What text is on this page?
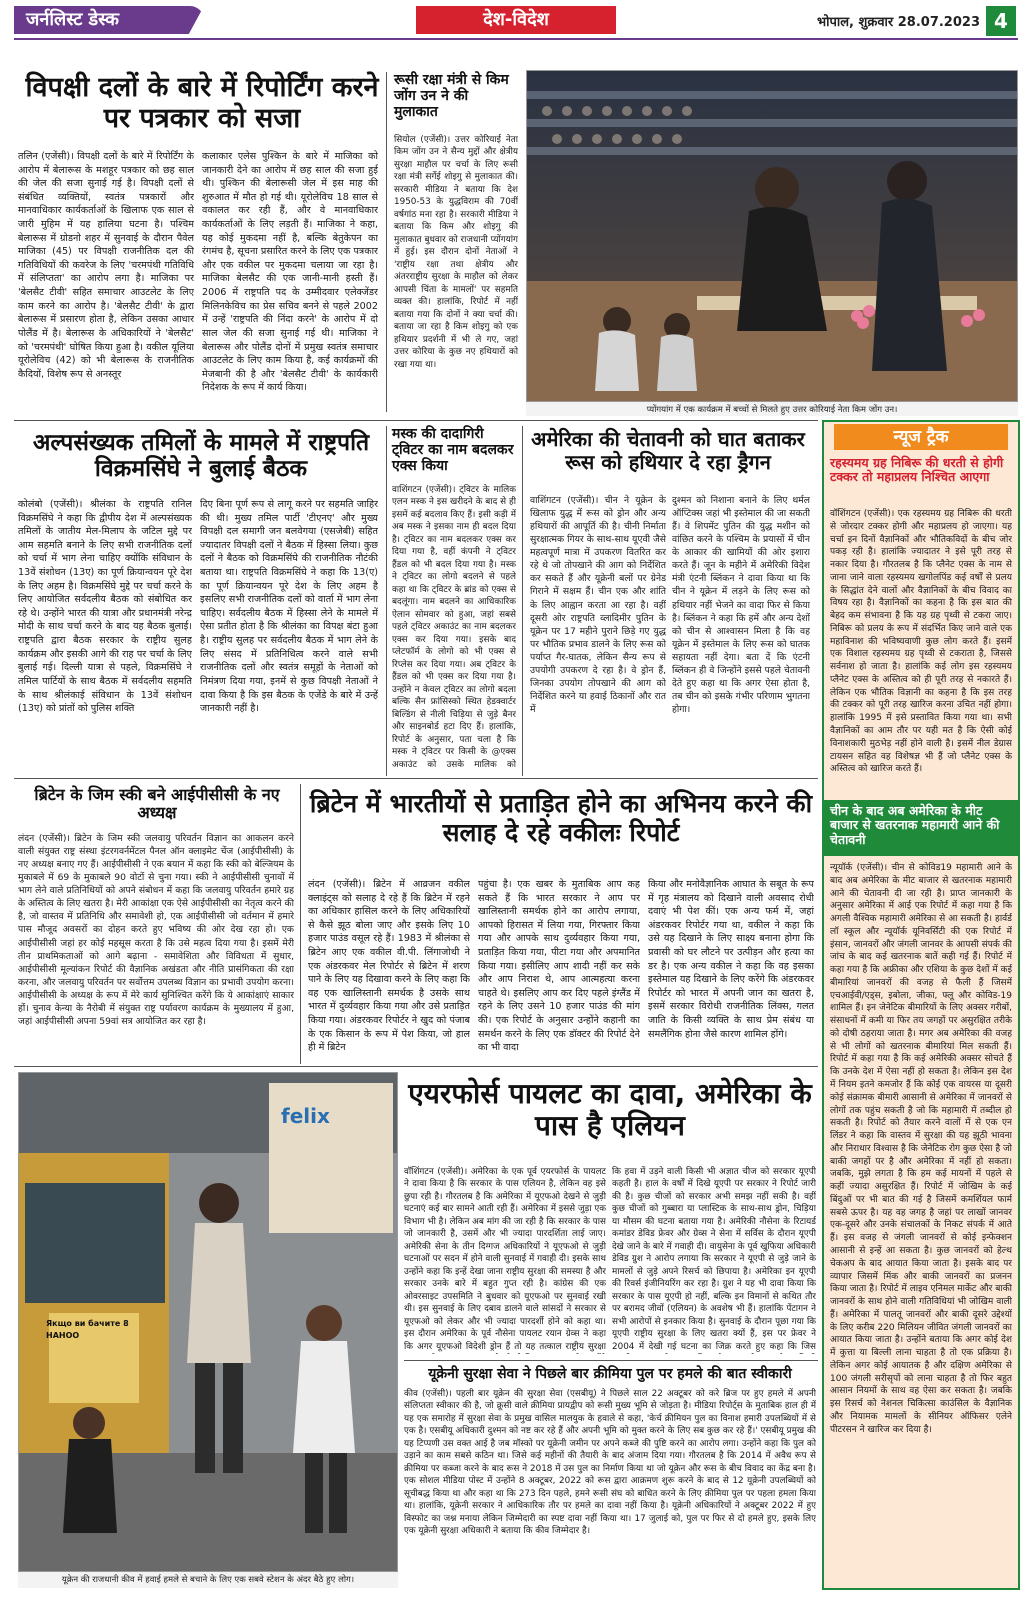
जर्नलिस्ट डेस्क	देश-विदेश	भोपाल, शुक्रवार 28.07.2023 4
विपक्षी दलों के बारे में रिपोर्टिंग करने पर पत्रकार को सजा
तलिन (एजेंसी)। विपक्षी दलों के बारे में रिपोर्टिंग के आरोप में बेलारूस के मशहूर पत्रकार को छह साल की जेल की सजा सुनाई गई है। विपक्षी दलों से संबंधित व्यक्तियों, स्वतंत्र पत्रकारों और मानवाधिकार कार्यकर्ताओं के खिलाफ एक साल से जारी मुहिम में यह हालिया घटना है। पश्चिम बेलारूस में ग्रोडनो शहर में सुनवाई के दौरान पैवेल माजिका (45) पर विपक्षी राजनीतिक दल की गतिविधियों की कवरेज के लिए 'चरमपंथी गतिविधि में संलिप्तता' का आरोप लगा है। माजिका पर 'बेलसैट टीवी' सहित समाचार आउटलेट के लिए काम करने का आरोप है। 'बेलसैट टीवी' के द्वारा बेलारूस में प्रसारण होता है, लेकिन उसका आधार पोलैंड में है। बेलारूस के अधिकारियों ने 'बेलसैट' को 'चरमपंथी' घोषित किया हुआ है। वकील यूलिया यूरोलेविच (42) को भी बेलारूस के राजनीतिक कैदियों, विशेष रूप से अनस्तूर
कलाकार एलेस पुश्किन के बारे में माजिका को जानकारी देने का आरोप में छह साल की सजा हुई थी। पुश्किन की बेलारूसी जेल में इस माह की शुरुआत में मौत हो गई थी। यूरोलेविच 18 साल से वकालत कर रही हैं, और वे मानवाधिकार कार्यकर्ताओं के लिए लड़ती हैं। माजिका ने कहा, यह कोई मुकदमा नहीं है, बल्कि बेतुकेपन का रंगमंच है, सूचना प्रसारित करने के लिए एक पत्रकार और एक वकील पर मुकदमा चलाया जा रहा है। माजिका बेलसैट की एक जानी-मानी हस्ती हैं। 2006 में राष्ट्रपति पद के उम्मीदवार एलेक्जेंडर मिलिनकेविच का प्रेस सचिव बनने से पहले 2002 में उन्हें 'राष्ट्रपति की निंदा करने' के आरोप में दो साल जेल की सजा सुनाई गई थी। माजिका ने बेलारूस और पोलैंड दोनों में प्रमुख स्वतंत्र समाचार आउटलेट के लिए काम किया है, कई कार्यक्रमों की मेजबानी की है और 'बेलसैट टीवी' के कार्यकारी निदेशक के रूप में कार्य किया।
रूसी रक्षा मंत्री से किम जोंग उन ने की मुलाकात
सियोल (एजेंसी)। उत्तर कोरियाई नेता किम जोंग उन ने सैन्य मुद्दों और क्षेत्रीय सुरक्षा माहौल पर चर्चा के लिए रूसी रक्षा मंत्री सर्गेई शोइगु से मुलाकात की। सरकारी मीडिया ने बताया कि देश 1950-53 के युद्धविराम की 70वीं वर्षगांठ मना रहा है। सरकारी मीडिया ने बताया कि किम और शोइगु की मुलाकात बुधवार को राजधानी प्योंगयांग में हुई। इस दौरान दोनों नेताओं ने 'राष्ट्रीय रक्षा तथा क्षेत्रीय और अंतरराष्ट्रीय सुरक्षा के माहौल को लेकर आपसी चिंता के मामलों' पर सहमति व्यक्त की। हालांकि, रिपोर्ट में नहीं बताया गया कि दोनों ने क्या चर्चा की। बताया जा रहा है किम शोइगु को एक हथियार प्रदर्शनी में भी ले गए, जहां उत्तर कोरिया के कुछ नए हथियारों को रखा गया था।
प्योंगयांग में एक कार्यक्रम में बच्चों से मिलते हुए उत्तर कोरियाई नेता किम जोंग उन।
अल्पसंख्यक तमिलों के मामले में राष्ट्रपति विक्रमसिंघे ने बुलाई बैठक
कोलंबो (एजेंसी)। श्रीलंका के राष्ट्रपति रानिल विक्रमसिंघे ने कहा कि द्वीपीय देश में अल्पसंख्यक तमिलों के जातीय मेल-मिलाप के जटिल मुद्दे पर आम सहमति बनाने के लिए सभी राजनीतिक दलों को चर्चा में भाग लेना चाहिए क्योंकि संविधान के 13वें संशोधन (13ए) का पूर्ण क्रियान्वयन पूरे देश के लिए अहम है। विक्रमसिंघे मुद्दे पर चर्चा करने के लिए आयोजित सर्वदलीय बैठक को संबोधित कर रहे थे। उन्होंने भारत की यात्रा और प्रधानमंत्री नरेन्द्र मोदी के साथ चर्चा करने के बाद यह बैठक बुलाई। राष्ट्रपति द्वारा बैठक सरकार के राष्ट्रीय सुलह कार्यक्रम और इसकी आगे की राह पर चर्चा के लिए बुलाई गई। दिल्ली यात्रा से पहले, विक्रमसिंघे ने तमिल पार्टियों के साथ बैठक में सर्वदलीय सहमति के साथ श्रीलंकाई संविधान के 13वें संशोधन (13ए) को प्रांतों को पुलिस शक्ति
दिए बिना पूर्ण रूप से लागू करने पर सहमति जाहिर की थी। मुख्य तमिल पार्टी 'टीएनए' और मुख्य विपक्षी दल समागी जन बलवेगया (एसजेबी) सहित ज्यादातर विपक्षी दलों ने बैठक में हिस्सा लिया। कुछ दलों ने बैठक को विक्रमसिंघे की राजनीतिक नौटंकी बताया था। राष्ट्रपति विक्रमसिंघे ने कहा कि 13(ए) का पूर्ण क्रियान्वयन पूरे देश के लिए अहम है इसलिए सभी राजनीतिक दलों को वार्ता में भाग लेना चाहिए। सर्वदलीय बैठक में हिस्सा लेने के मामले में ऐसा प्रतीत होता है कि श्रीलंका का विपक्ष बंटा हुआ है। राष्ट्रीय सुलह पर सर्वदलीय बैठक में भाग लेने के लिए संसद में प्रतिनिधित्व करने वाले सभी राजनीतिक दलों और स्वतंत्र समूहों के नेताओं को निमंत्रण दिया गया, इनमें से कुछ विपक्षी नेताओं ने दावा किया है कि इस बैठक के एजेंडे के बारे में उन्हें जानकारी नहीं है।
मस्क की दादागिरी ट्विटर का नाम बदलकर एक्स किया
वाशिंगटन (एजेंसी)। ट्विटर के मालिक एलन मस्क ने इस खरीदने के बाद से ही इसमें कई बदलाव किए हैं। इसी कड़ी में अब मस्क ने इसका नाम ही बदल दिया है। ट्विटर का नाम बदलकर एक्स कर दिया गया है, वहीं कंपनी ने ट्विटर हैंडल को भी बदल दिया गया है। मस्क ने ट्विटर का लोगो बदलने से पहले कहा था कि ट्विटर के ब्रांड को एक्स से बदलूंगा। नाम बदलने का आधिकारिक ऐलान सोमवार को हुआ, जहां सबसे पहले ट्विटर अकाउंट का नाम बदलकर एक्स कर दिया गया। इसके बाद प्लेटफॉर्म के लोगो को भी एक्स से रिप्लेस कर दिया गया। अब ट्विटर के हैंडल को भी एक्स कर दिया गया है। उन्होंने न केवल ट्विटर का लोगो बदला बल्कि सैन फ्रांसिस्को स्थित हेडक्वार्टर बिल्डिंग से नीली चिड़िया से जुड़े बैनर और साइनबोर्ड हटा दिए हैं। हालांकि, रिपोर्ट के अनुसार, पता चला है कि मस्क ने ट्विटर पर किसी के @एक्स अकाउंट को उसके मालिक को
अमेरिका की चेतावनी को घात बताकर रूस को हथियार दे रहा ड्रैगन
वाशिंगटन (एजेंसी)। चीन ने यूक्रेन के खिलाफ युद्ध में रूस को ड्रोन और अन्य हथियारों की आपूर्ति की है। चीनी निर्माता सुरक्षात्मक गियर के साथ-साथ यूएवी जैसे महत्वपूर्ण मात्रा में उपकरण वितरित कर रहे थे जो तोपखाने की आग को निर्देशित कर सकते हैं और यूक्रेनी बलों पर ग्रेनेड गिराने में सक्षम हैं। चीन एक और शांति के लिए आह्वान करता आ रहा है। वहीं दूसरी ओर राष्ट्रपति व्लादिमीर पुतिन के यूक्रेन पर 17 महीने पुराने छिड़े गए युद्ध पर भौतिक प्रभाव डालने के लिए रूस को पर्याप्त गैर-घातक, लेकिन सैन्य रूप से उपयोगी उपकरण दे रहा है। वे ड्रोन हैं, जिनका उपयोग तोपखाने की आग को निर्देशित करने या हवाई ठिकानों और रात में
दुश्मन को निशाना बनाने के लिए थर्मल ऑप्टिक्स जहां भी इस्तेमाल की जा सकती हैं। वे शिपमेंट पुतिन की युद्ध मशीन को वांछित करने के पश्चिम के प्रयासों में चीन के आकार की खामियों की ओर इशारा करते हैं। जून के महीने में अमेरिकी विदेश मंत्री एंटनी ब्लिंकन ने दावा किया था कि चीन ने यूक्रेन में लड़ने के लिए रूस को हथियार नहीं भेजने का वादा फिर से किया है। ब्लिंकन ने कहा कि हमें और अन्य देशों को चीन से आश्वासन मिला है कि वह यूक्रेन में इस्तेमाल के लिए रूस को घातक सहायता नहीं देगा। बता दें कि एंटनी ब्लिंकन ही वे जिन्होंने इससे पहले चेतावनी देते हुए कहा था कि अगर ऐसा होता है, तब चीन को इसके गंभीर परिणाम भुगतना होगा।
न्यूज ट्रैक
रहस्यमय ग्रह निबिरू की धरती से होगी टक्कर तो महाप्रलय निश्चित आएगा
वॉशिंगटन (एजेंसी)। एक रहस्यमय ग्रह निबिरू की धरती से जोरदार टक्कर होगी और महाप्रलय हो जाएगा। यह चर्चा इन दिनों वैज्ञानिकों और भौतिकविदों के बीच जोर पकड़ रही है। हालांकि ज्यादातर ने इसे पूरी तरह से नकार दिया है। गौरतलब है कि प्लैनेट एक्स के नाम से जाना जाने वाला रहस्यमय खगोलपिंड कई वर्षों से प्रलय के सिद्धांत देने वालों और वैज्ञानिकों के बीच विवाद का विषय रहा है। वैज्ञानिकों का कहना है कि इस बात की बेहद कम संभावना है कि यह ग्रह पृथ्वी से टकरा जाए। निबिरू को प्रलय के रूप में संदर्भित किए जाने वाले एक महाविनाश की भविष्यवाणी कुछ लोग करते हैं। इसमें एक विशाल रहस्यमय ग्रह पृथ्वी से टकराता है, जिससे सर्वनाश हो जाता है। हालांकि कई लोग इस रहस्यमय प्लैनेट एक्स के अस्तित्व को ही पूरी तरह से नकारते हैं। लेकिन एक भौतिक विज्ञानी का कहना है कि इस तरह की टक्कर को पूरी तरह खारिज करना उचित नहीं होगा। हालांकि 1995 में इसे प्रस्तावित किया गया था। सभी वैज्ञानिकों का आम तौर पर यही मत है कि ऐसी कोई विनाशकारी मुठभेड़ नहीं होने वाली है। इसमें नील डेग्रास टायसन सहित वह विशेषज्ञ भी हैं जो प्लैनेट एक्स के अस्तित्व को खारिज करते हैं।
चीन के बाद अब अमेरिका के मीट बाजार से खतरनाक महामारी आने की चेतावनी
न्यूयॉर्क (एजेंसी)। चीन से कोविड19 महामारी आने के बाद अब अमेरिका के मीट बाजार से खतरनाक महामारी आने की चेतावनी दी जा रही है। प्राप्त जानकारी के अनुसार अमेरिका में आई एक रिपोर्ट में कहा गया है कि अगली वैश्विक महामारी अमेरिका से आ सकती है। हार्वर्ड लॉ स्कूल और न्यूयॉर्क यूनिवर्सिटी की एक रिपोर्ट में इंसान, जानवरों और जंगली जानवर के आपसी संपर्क की जांच के बाद कई खतरनाक बातें कही गई हैं। रिपोर्ट में कहा गया है कि अफ्रीका और एशिया के कुछ देशों में कई बीमारियां जानवरों की वजह से फैली हैं जिसमें एचआईवी/एड्स, इबोला, जीका, फ्लू और कोविड-19 शामिल हैं। इन जेनेटिक बीमारियों के लिए अक्सर गरीबों, संसाधनों में कमी या फिर तय जगहों पर असुरक्षित तरीके को दोषी ठहराया जाता है। मगर अब अमेरिका की वजह से भी लोगों को खतरनाक बीमारियां मिल सकती हैं। रिपोर्ट में कहा गया है कि कई अमेरिकी अक्सर सोचते हैं कि उनके देश में ऐसा नहीं हो सकता है। लेकिन इस देश में नियम इतने कमजोर हैं कि कोई एक वायरस या दूसरी कोई संक्रामक बीमारी आसानी से अमेरिका में जानवरों से लोगों तक पहुंच सकती है जो कि महामारी में तब्दील हो सकती है। रिपोर्ट को तैयार करने वालों में से एक एन लिंडर ने कहा कि वास्तव में सुरक्षा की यह झूठी भावना और निराधार विश्वास है कि जेनेटिक रोग कुछ ऐसा है जो बाकी जगहों पर है और अमेरिका में नहीं हो सकता। जबकि, मुझे लगता है कि हम कई मायनों में पहले से कहीं ज्यादा असुरक्षित हैं। रिपोर्ट में जोखिम के कई बिंदुओं पर भी बात की गई है जिसमें कमर्शियल फार्म सबसे ऊपर है। यह वह जगह है जहां पर लाखों जानवर एक-दूसरे और उनके संचालकों के निकट संपर्क में आते हैं। इस वजह से जंगली जानवरों से कोई इन्फेक्शन आसानी से इन्हें आ सकता है। कुछ जानवरों को हेल्थ चेकअप के बाद आयात किया जाता है। इसके बाद पर व्यापार जिसमें मिंक और बाकी जानवरों का प्रजनन किया जाता है। रिपोर्ट में लाइव एनिमल मार्केट और बाकी जानवरों के साथ होने वाली गतिविधियां भी जोखिम वाली हैं। अमेरिका में पालतू जानवरों और बाकी दूसरे उद्देश्यों के लिए करीब 220 मिलियन जीवित जंगली जानवरों का आयात किया जाता है। उन्होंने बताया कि अगर कोई देश में कुत्ता या बिल्ली लाना चाहता है तो एक प्रक्रिया है। लेकिन अगर कोई आयातक है और दक्षिण अमेरिका से 100 जंगली सरीसृपों को लाना चाहता है तो फिर बहुत आसान नियमों के साथ वह ऐसा कर सकता है। जबकि इस रिसर्च को नेशनल चिकित्सा काउंसिल के वैज्ञानिक और नियामक मामलों के सीनियर ऑफिसर एलेने पीटरसन ने खारिज कर दिया है।
ब्रिटेन के जिम स्की बने आईपीसीसी के नए अध्यक्ष
लंदन (एजेंसी)। ब्रिटेन के जिम स्की जलवायु परिवर्तन विज्ञान का आकलन करने वाली संयुक्त राष्ट्र संस्था इंटरगवर्नमेंटल पैनल ऑन क्लाइमेट चेंज (आईपीसीसी) के नए अध्यक्ष बनाए गए हैं। आईपीसीसी ने एक बयान में कहा कि स्की को बेल्जियम के मुकाबले में 69 के मुकाबले 90 वोटों से चुना गया। स्की ने आईपीसीसी चुनावों में भाग लेने वाले प्रतिनिधियों को अपने संबोधन में कहा कि जलवायु परिवर्तन हमारे ग्रह के अस्तित्व के लिए खतरा है। मेरी आकांक्षा एक ऐसे आईपीसीसी का नेतृत्व करने की है, जो वास्तव में प्रतिनिधि और समावेशी हो, एक आईपीसीसी जो वर्तमान में हमारे पास मौजूद अवसरों का दोहन करते हुए भविष्य की ओर देख रहा हो। एक आईपीसीसी जहां हर कोई महसूस करता है कि उसे महत्व दिया गया है। इसमें मेरी तीन प्राथमिकताओं को आगे बढ़ाना - समावेशिता और विविधता में सुधार, आईपीसीसी मूल्यांकन रिपोर्ट की वैज्ञानिक अखंडता और नीति प्रासंगिकता की रक्षा करना, और जलवायु परिवर्तन पर सर्वोत्तम उपलब्ध विज्ञान का प्रभावी उपयोग करना। आईपीसीसी के अध्यक्ष के रूप में मेरे कार्य सुनिश्चित करेंगे कि ये आकांक्षाएं साकार हों। चुनाव केन्या के नैरोबी में संयुक्त राष्ट्र पर्यावरण कार्यक्रम के मुख्यालय में हुआ, जहां आईपीसीसी अपना 59वां सत्र आयोजित कर रहा है।
ब्रिटेन में भारतीयों से प्रताड़ित होने का अभिनय करने की सलाह दे रहे वकीलः रिपोर्ट
लंदन (एजेंसी)। ब्रिटेन में आव्रजन वकील क्लाइंट्स को सलाह दे रहे हैं कि ब्रिटेन में रहने का अधिकार हासिल करने के लिए अधिकारियों से कैसे झूठ बोला जाए और इसके लिए 10 हजार पाउंड वसूल रहे हैं। 1983 में श्रीलंका से ब्रिटेन आए एक वकील वी.पी. लिंगाजोथी ने एक अंडरकवर मेल रिपोर्टर से ब्रिटेन में शरण पाने के लिए यह दिखावा करने के लिए कहा कि वह एक खालिस्तानी समर्थक है उसके साथ भारत में दुर्व्यवहार किया गया और उसे प्रताड़ित किया गया। अंडरकवर रिपोर्टर ने खुद को पंजाब के एक किसान के रूप में पेश किया, जो हाल ही में ब्रिटेन
पहुंचा है। एक खबर के मुताबिक आप कह सकते हैं कि भारत सरकार ने आप पर खालिस्तानी समर्थक होने का आरोप लगाया, आपको हिरासत में लिया गया, गिरफ्तार किया गया और आपके साथ दुर्व्यवहार किया गया, प्रताड़ित किया गया, पीटा गया और अपमानित किया गया। इसीलिए आप शादी नहीं कर सके और आप निराश थे, आप आत्महत्या करना चाहते थे। इसलिए आप कर दिए पहले इंग्लैंड में रहने के लिए उसने 10 हजार पाउंड की मांग की। एक रिपोर्ट के अनुसार उन्होंने कहानी का समर्थन करने के लिए एक डॉक्टर की रिपोर्ट देने का भी वादा
किया और मनोवैज्ञानिक आघात के सबूत के रूप में गृह मंत्रालय को दिखाने वाली अवसाद रोधी दवाएं भी पेश कीं। एक अन्य फर्म में, जहां अंडरकवर रिपोर्टर गया था, वकील ने कहा कि उसे यह दिखाने के लिए साक्ष्य बनाना होगा कि प्रवासी को घर लौटने पर उत्पीड़न और हत्या का डर है। एक अन्य वकील ने कहा कि वह इसका इस्तेमाल यह दिखाने के लिए करेंगे कि अंडरकवर रिपोर्टर को भारत में अपनी जान का खतरा है, इसमें सरकार विरोधी राजनीतिक लिंक्स, गलत जाति के किसी व्यक्ति के साथ प्रेम संबंध या समलैंगिक होना जैसे कारण शामिल होंगे।
felix
Якщо ви бачите 8 НАНОО
यूक्रेन की राजधानी कीव में हवाई हमले से बचाने के लिए एक सबवे स्टेशन के अंदर बैठे हुए लोग।
एयरफोर्स पायलट का दावा, अमेरिका के पास है एलियन
वॉशिंगटन (एजेंसी)। अमेरिका के एक पूर्व एयरफोर्स के पायलट ने दावा किया है कि सरकार के पास एलियन है, लेकिन वह इसे छुपा रही है। गौरतलब है कि अमेरिका में यूएफओ देखने से जुड़ी घटनाएं कई बार सामने आती रही हैं। अमेरिका में इससे जुड़ा एक विभाग भी है। लेकिन अब मांग की जा रही है कि सरकार के पास जो जानकारी है, उसमें और भी ज्यादा पारदर्शिता लाई जाए। अमेरिकी सेना के तीन दिग्गज अधिकारियों ने यूएफओ से जुड़ी घटनाओं पर सदन में होने वाली सुनवाई में गवाही दी। इसके साथ उन्होंने कहा कि इन्हें देखा जाना राष्ट्रीय सुरक्षा की समस्या है और सरकार उनके बारे में बहुत गुप्त रही है। कांग्रेस की एक ओवरसाइट उपसमिति ने बुधवार को यूएफओ पर सुनवाई रखी थी। इस सुनवाई के लिए दबाव डालने वाले सांसदों ने सरकार से यूएफओ को लेकर और भी ज्यादा पारदर्शी होने को कहा था। इस दौरान अमेरिका के पूर्व नौसेना पायलट रयान ग्रेव्स ने कहा कि अगर यूएफओ विदेशी ड्रोन हैं तो यह तत्काल राष्ट्रीय सुरक्षा
कि हवा में उड़ने वाली किसी भी अज्ञात चीज को सरकार यूएपी कहती है। हाल के वर्षों में दिखे यूएपी पर सरकार ने रिपोर्ट जारी की है। कुछ चीजों को सरकार अभी समझ नहीं सकी है। वहीं कुछ चीजों को गुब्बारा या प्लास्टिक के साथ-साथ ड्रोन, चिड़िया या मौसम की घटना बताया गया है। अमेरिकी नौसेना के रिटायर्ड कमांडर डेविड फ्रेवर और ग्रेव्स ने सेना में सर्विस के दौरान यूएपी देखे जाने के बारे में गवाही दी। वायुसेना के पूर्व खुफिया अधिकारी डेविड ग्रुश ने आरोप लगाया कि सरकार ने यूएपी से जुड़े जाने के मामलों से जुड़े अपने रिसर्च को छिपाया है। अमेरिका इन यूएपी की रिवर्स इंजीनियरिंग कर रहा है। ग्रुश ने यह भी दावा किया कि सरकार के पास यूएपी हो नहीं, बल्कि इन विमानों से कथित तौर पर बरामद जीवों (एलियन) के अवशेष भी हैं। हालांकि पेंटागन ने सभी आरोपों से इनकार किया है। सुनवाई के दौरान पूछा गया कि यूएपी राष्ट्रीय सुरक्षा के लिए खतरा क्यों हैं, इस पर फ्रेवर ने 2004 में देखी गई घटना का जिक्र करते हुए कहा कि जिस
यूक्रेनी सुरक्षा सेवा ने पिछले बार क्रीमिया पुल पर हमले की बात स्वीकारी
कीव (एजेंसी)। पहली बार यूक्रेन की सुरक्षा सेवा (एसबीयू) ने पिछले साल 22 अक्टूबर को करे ब्रिज पर हुए हमले में अपनी संलिप्तता स्वीकार की है, जो क्रूसी वाले क्रीमिया प्रायद्वीप को रूसी मुख्य भूमि से जोड़ता है। मीडिया रिपोर्ट्स के मुताबिक हाल ही में यह एक समारोह में सुरक्षा सेवा के प्रमुख वासिल मालयुक के हवाले से कहा, 'केर्च क्रीमियन पुल का विनाश हमारी उपलब्धियों में से एक है। एसबीयू अधिकारी दुश्मन को नष्ट कर रहे हैं और अपनी भूमि को मुक्त करने के लिए सब कुछ कर रहे हैं।' एसबीयू प्रमुख की यह टिप्पणी उस वक्त आई है जब मॉस्को पर यूक्रेनी जमीन पर अपने कब्जे की पुष्टि करने का आरोप लगा। उन्होंने कहा कि पुल को उड़ाने का काम सबसे कठिन था। जिसे कई महीनों की तैयारी के बाद अंजाम दिया गया। गौरतलब है कि 2014 में अवैध रूप से क्रीमिया पर कब्जा करने के बाद रूस ने 2018 में उस पुल का निर्माण किया था जो यूक्रेन और रूस के बीच विवाद का केंद्र बना है। एक सोशल मीडिया पोस्ट में उन्होंने 8 अक्टूबर, 2022 को रूस द्वारा आक्रमण शुरू करने के बाद से 12 यूक्रेनी उपलब्धियों को सूचीबद्ध किया था और कहा था कि 273 दिन पहले, हमने रूसी संघ को बाधित करने के लिए क्रीमिया पुल पर पहला हमला किया था। हालांकि, यूक्रेनी सरकार ने आधिकारिक तौर पर हमले का दावा नहीं किया है। यूक्रेनी अधिकारियों ने अक्टूबर 2022 में हुए विस्फोट का जश्न मनाया लेकिन जिम्मेदारी का स्पष्ट दावा नहीं किया था। 17 जुलाई को, पुल पर फिर से दो हमले हुए, इसके लिए एक यूक्रेनी सुरक्षा अधिकारी ने बताया कि कीव जिम्मेदार है।
